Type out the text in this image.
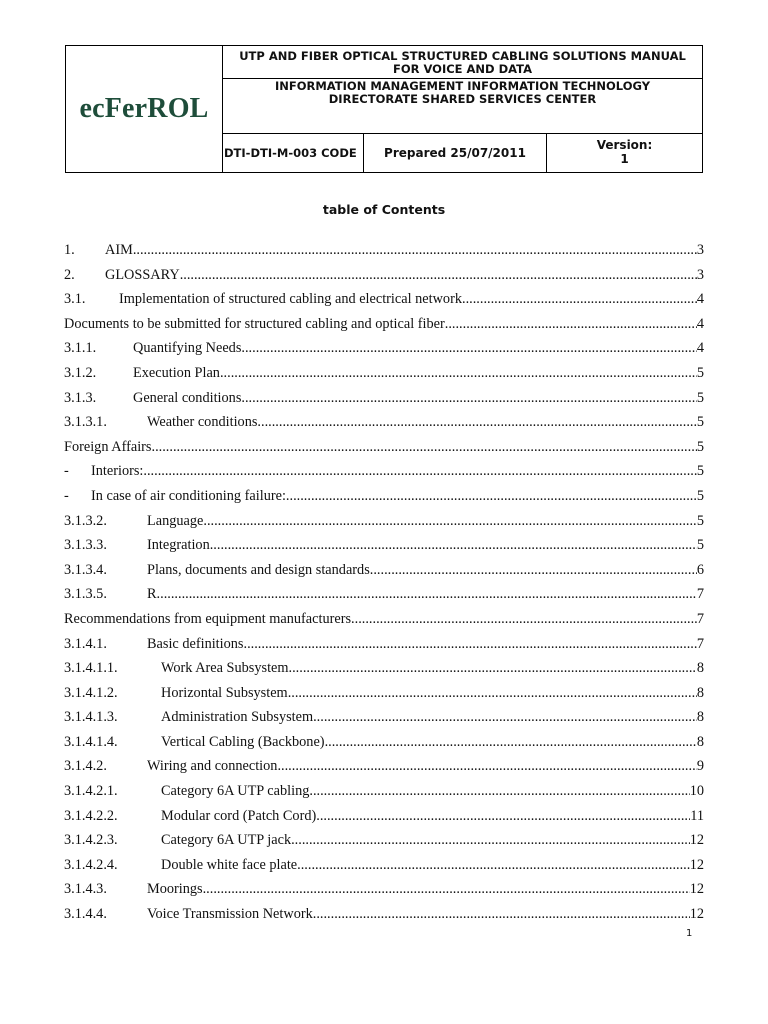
ecFerROL
UTP AND FIBER OPTICAL STRUCTURED CABLING SOLUTIONS MANUAL
FOR VOICE AND DATA
INFORMATION MANAGEMENT INFORMATION TECHNOLOGY
DIRECTORATE SHARED SERVICES CENTER
DTI-DTI-M-003 CODE	Prepared 25/07/2011
Version:
1
table of Contents
1.	AIM .....	3
2.	GLOSSARY .....	3
3.1.	Implementation of structured cabling and electrical network .....	4
Documents to be submitted for structured cabling and optical fiber .....	4
3.1.1.	Quantifying Needs .....	4
3.1.2.	Execution Plan .....	5
3.1.3.	General conditions .....	5
3.1.3.1.	Weather conditions .....	5
Foreign Affairs .....	5
-	Interiors: .....	5
-	In case of air conditioning failure: .....	5
3.1.3.2.	Language .....	5
3.1.3.3.	Integration .....	5
3.1.3.4.	Plans, documents and design standards .....	6
3.1.3.5.	R .....	7
Recommendations from equipment manufacturers .....	7
3.1.4.1.	Basic definitions .....	7
3.1.4.1.1.	Work Area Subsystem .....	8
3.1.4.1.2.	Horizontal Subsystem .....	8
3.1.4.1.3.	Administration Subsystem .....	8
3.1.4.1.4.	Vertical Cabling (Backbone) .....	8
3.1.4.2.	Wiring and connection .....	9
3.1.4.2.1.	Category 6A UTP cabling .....	10
3.1.4.2.2.	Modular cord (Patch Cord) .....	11
3.1.4.2.3.	Category 6A UTP jack .....	12
3.1.4.2.4.	Double white face plate .....	12
3.1.4.3.	Moorings .....	12
3.1.4.4.	Voice Transmission Network .....	12
1
